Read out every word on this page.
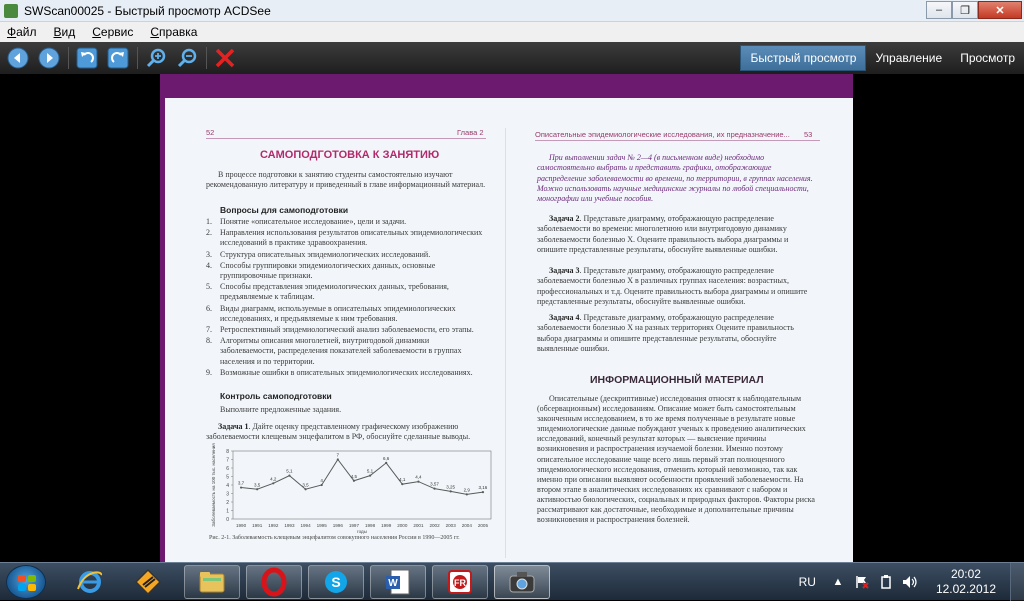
SWScan00025 - Быстрый просмотр ACDSee	‒	❐	✕
Файл Вид Сервис Справка
Быстрый просмотр	Управление	Просмотр
52	Глава 2	Описательные эпидемиологические исследования, их предназначение... 53
САМОПОДГОТОВКА К ЗАНЯТИЮ
В процессе подготовки к занятию студенты самостоятельно изучают рекомендованную литературу и приведенный в главе информационный материал.
Вопросы для самоподготовки
1.	Понятие «описательное исследование», цели и задачи.
2.	Направления использования результатов описательных эпидемиологических исследований в практике здравоохранения.
3.	Структура описательных эпидемиологических исследований.
4.	Способы группировки эпидемиологических данных, основные группировочные признаки.
5.	Способы представления эпидемиологических данных, требования, предъявляемые к таблицам.
6.	Виды диаграмм, используемые в описательных эпидемиологических исследованиях, и предъявляемые к ним требования.
7.	Ретроспективный эпидемиологический анализ заболеваемости, его этапы.
8.	Алгоритмы описания многолетней, внутригодовой динамики заболеваемости, распределения показателей заболеваемости в группах населения и по территории.
9.	Возможные ошибки в описательных эпидемиологических исследованиях.
Контроль самоподготовки
Выполните предложенные задания.
Задача 1. Дайте оценку представленному графическому изображению заболеваемости клещевым энцефалитом в РФ, обоснуйте сделанные выводы.
0
1
2
3
4
5
6
7
8
Заболеваемость на 100 тыс. населения	1990 1991 1992 1993 1994 1995 1996 1997 1998 1999 2000 2001 2002 2003 2004 2005
годы
3,7 3,5
4,2
5,1
3,5
4
7
4,5
5,1
6,6
4,1
4,4
3,57
3,25
2,9 3,16
Рис. 2-1. Заболеваемость клещевым энцефалитом совокупного населения России в 1990—2005 гг.
При выполнении задач № 2—4 (в письменном виде) необходимо самостоятельно выбрать и представить графики, отображающие распределение заболеваемости во времени, по территории, в группах населения. Можно использовать научные медицинские журналы по любой специальности, монографии или учебные пособия.
Задача 2. Представьте диаграмму, отображающую распределение заболеваемости во времени: многолетнюю или внутригодовую динамику заболеваемости болезнью X. Оцените правильность выбора диаграммы и опишите представленные результаты, обоснуйте выявленные ошибки.
Задача 3. Представьте диаграмму, отображающую распределение заболеваемости болезнью X в различных группах населения: возрастных, профессиональных и т.д. Оцените правильность выбора диаграммы и опишите представленные результаты, обоснуйте выявленные ошибки.
Задача 4. Представьте диаграмму, отображающую распределение заболеваемости болезнью X на разных территориях Оцените правильность выбора диаграммы и опишите представленные результаты, обоснуйте выявленные ошибки.
ИНФОРМАЦИОННЫЙ МАТЕРИАЛ
Описательные (дескриптивные) исследования относят к наблюдательным (обсервационным) исследованиям. Описание может быть самостоятельным законченным исследованием, в то же время полученные в результате новые эпидемиологические данные побуждают ученых к проведению аналитических исследований, конечный результат которых — выяснение причины возникновения и распространения изучаемой болезни. Именно поэтому описательное исследование чаще всего лишь первый этап полноценного эпидемиологического исследования, отменить который невозможно, так как именно при описании выявляют особенности проявлений заболеваемости. На втором этапе в аналитических исследованиях их сравнивают с набором и активностью биологических, социальных и природных факторов. Факторы риска рассматривают как достаточные, необходимые и дополнительные причины возникновения и распространения болезней.
S	W	FR	RU ▲
20:02
12.02.2012
